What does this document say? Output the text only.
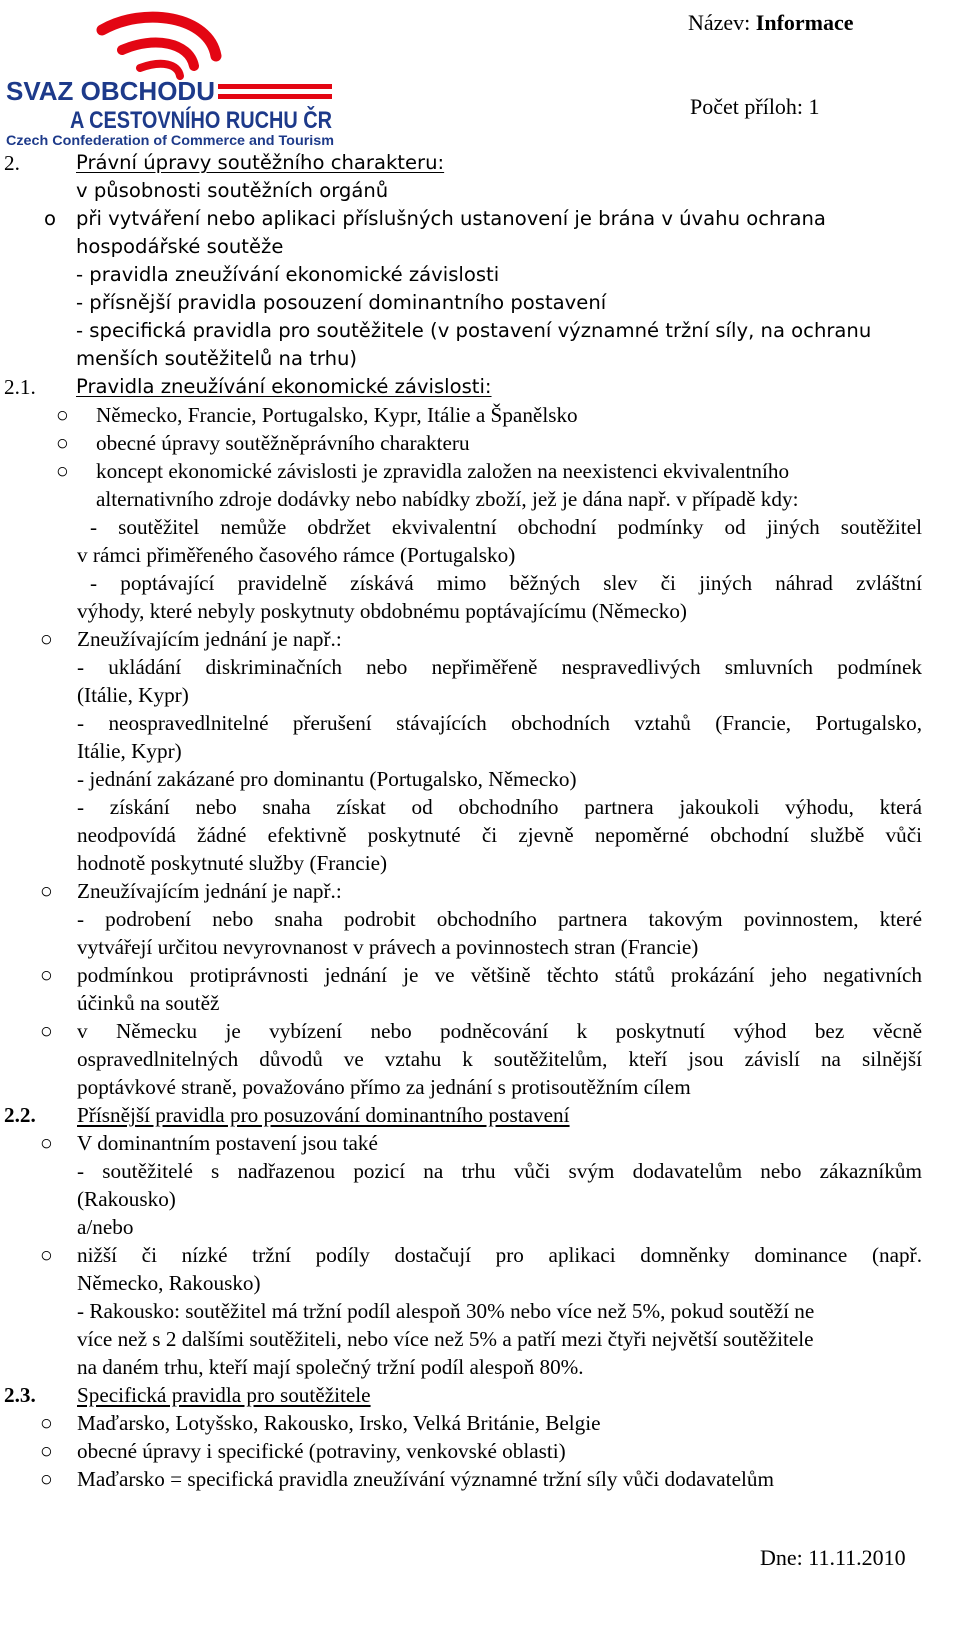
SVAZ OBCHODU
A CESTOVNÍHO RUCHU ČR
Czech Confederation of Commerce and Tourism
Název: Informace
Počet příloh: 1
2.	Právní úpravy soutěžního charakteru:
v působnosti soutěžních orgánů
o při vytváření nebo aplikaci příslušných ustanovení je brána v úvahu ochrana
hospodářské soutěže
- pravidla zneužívání ekonomické závislosti
- přísnější pravidla posouzení dominantního postavení
- specifická pravidla pro soutěžitele (v postavení významné tržní síly, na ochranu
menších soutěžitelů na trhu)
2.1. Pravidla zneužívání ekonomické závislosti:
○ Německo, Francie, Portugalsko, Kypr, Itálie a Španělsko
○ obecné úpravy soutěžněprávního charakteru
○ koncept ekonomické závislosti je zpravidla založen na neexistenci ekvivalentního
alternativního zdroje dodávky nebo nabídky zboží, jež je dána např. v případě kdy:
- soutěžitel nemůže obdržet ekvivalentní obchodní podmínky od jiných soutěžitel
v rámci přiměřeného časového rámce (Portugalsko)
- poptávající pravidelně získává mimo běžných slev či jiných náhrad zvláštní
výhody, které nebyly poskytnuty obdobnému poptávajícímu (Německo)
○ Zneužívajícím jednání je např.:
- ukládání diskriminačních nebo nepřiměřeně nespravedlivých smluvních podmínek
(Itálie, Kypr)
- neospravedlnitelné přerušení stávajících obchodních vztahů (Francie, Portugalsko,
Itálie, Kypr)
- jednání zakázané pro dominantu (Portugalsko, Německo)
- získání nebo snaha získat od obchodního partnera jakoukoli výhodu, která
neodpovídá žádné efektivně poskytnuté či zjevně nepoměrné obchodní službě vůči
hodnotě poskytnuté služby (Francie)
○ Zneužívajícím jednání je např.:
- podrobení nebo snaha podrobit obchodního partnera takovým povinnostem, které
vytvářejí určitou nevyrovnanost v právech a povinnostech stran (Francie)
○ podmínkou protiprávnosti jednání je ve většině těchto států prokázání jeho negativních
účinků na soutěž
○ v Německu je vybízení nebo podněcování k poskytnutí výhod bez věcně
ospravedlnitelných důvodů ve vztahu k soutěžitelům, kteří jsou závislí na silnější
poptávkové straně, považováno přímo za jednání s protisoutěžním cílem
2.2. Přísnější pravidla pro posuzování dominantního postavení
○ V dominantním postavení jsou také
- soutěžitelé s nadřazenou pozicí na trhu vůči svým dodavatelům nebo zákazníkům
(Rakousko)
a/nebo
○ nižší či nízké tržní podíly dostačují pro aplikaci domněnky dominance (např.
Německo, Rakousko)
- Rakousko: soutěžitel má tržní podíl alespoň 30% nebo více než 5%, pokud soutěží ne
více než s 2 dalšími soutěžiteli, nebo více než 5% a patří mezi čtyři největší soutěžitele
na daném trhu, kteří mají společný tržní podíl alespoň 80%.
2.3. Specifická pravidla pro soutěžitele
○ Maďarsko, Lotyšsko, Rakousko, Irsko, Velká Británie, Belgie
○ obecné úpravy i specifické (potraviny, venkovské oblasti)
○ Maďarsko = specifická pravidla zneužívání významné tržní síly vůči dodavatelům
Dne: 11.11.2010
